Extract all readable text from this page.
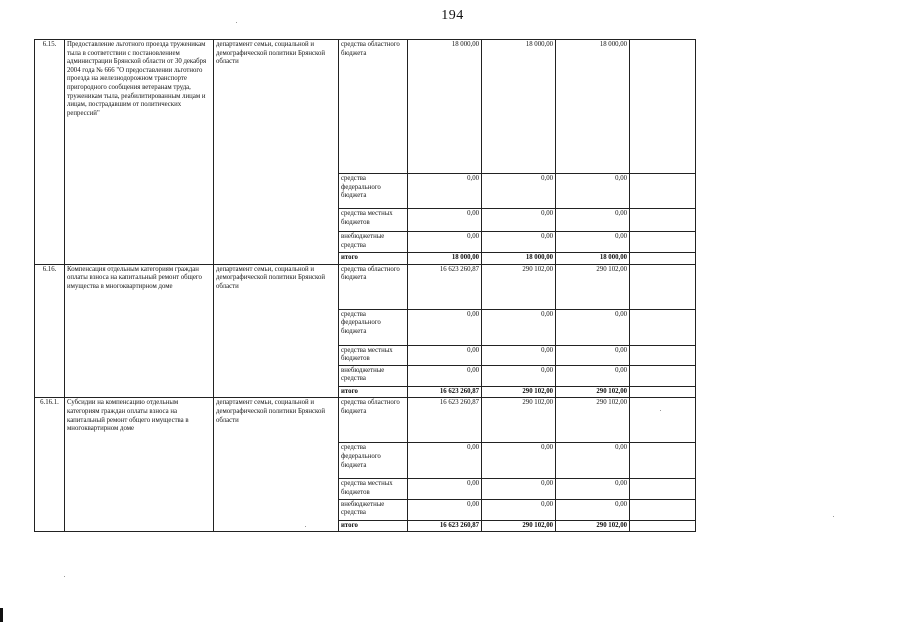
194
6.15.	Предоставление льготного проезда труженикам тыла в соответствии с постановлением администрации Брянской области от 30 декабря 2004 года № 666 "О предоставлении льготного проезда на железнодорожном транспорте пригородного сообщения ветеранам труда, труженикам тыла, реабилитированным лицам и лицам, пострадавшим от политических репрессий"	департамент семьи, социальной и демографической политики Брянской области	средства областного бюджета	18 000,00	18 000,00	18 000,00	
			средства федерального бюджета	0,00	0,00	0,00	
			средства местных бюджетов	0,00	0,00	0,00	
			внебюджетные средства	0,00	0,00	0,00	
			итого	18 000,00	18 000,00	18 000,00	
6.16.	Компенсация отдельным категориям граждан оплаты взноса на капитальный ремонт общего имущества в многоквартирном доме	департамент семьи, социальной и демографической политики Брянской области	средства областного бюджета	16 623 260,87	290 102,00	290 102,00	
			средства федерального бюджета	0,00	0,00	0,00	
			средства местных бюджетов	0,00	0,00	0,00	
			внебюджетные средства	0,00	0,00	0,00	
			итого	16 623 260,87	290 102,00	290 102,00	
6.16.1.	Субсидии на компенсацию отдельным категориям граждан оплаты взноса на капитальный ремонт общего имущества в многоквартирном доме	департамент семьи, социальной и демографической политики Брянской области	средства областного бюджета	16 623 260,87	290 102,00	290 102,00	
			средства федерального бюджета	0,00	0,00	0,00	
			средства местных бюджетов	0,00	0,00	0,00	
			внебюджетные средства	0,00	0,00	0,00	
			итого	16 623 260,87	290 102,00	290 102,00	
